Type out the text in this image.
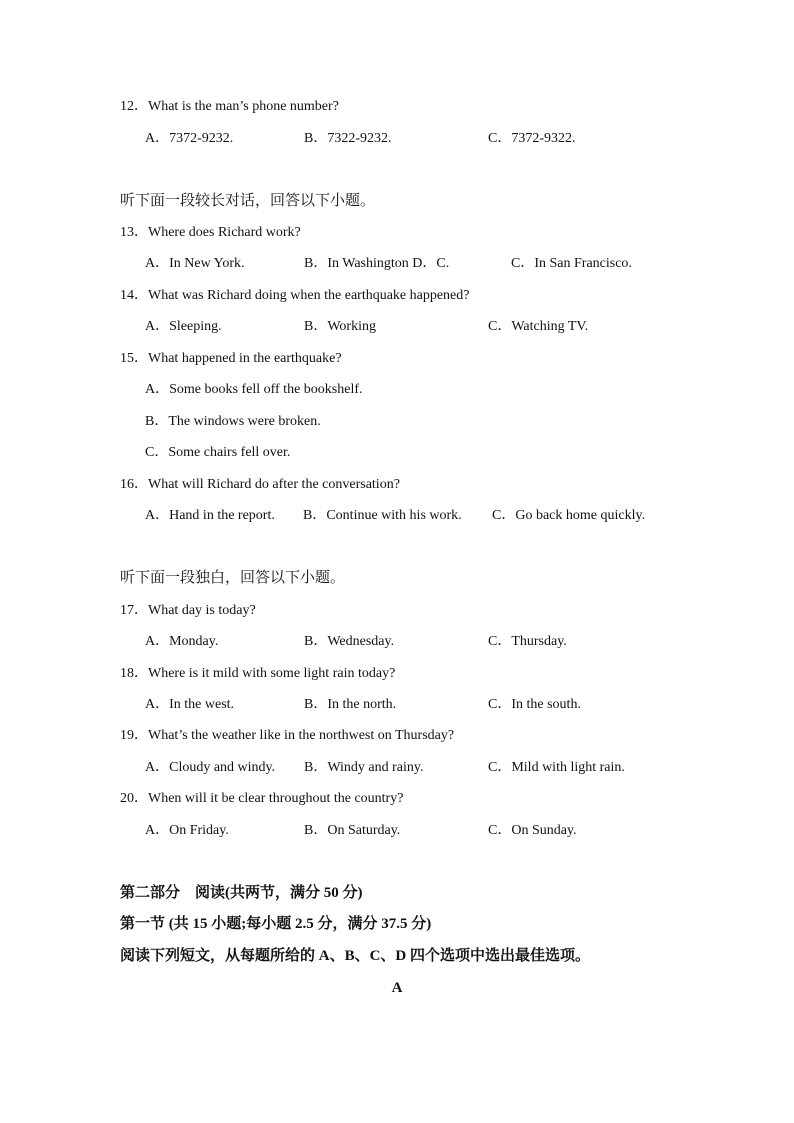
12．What is the man’s phone number?
A．7372-9232.	B．7322-9232.	C．7372-9322.
听下面一段较长对话，回答以下小题。
13．Where does Richard work?
A．In New York.	B．In Washington D．C.	C．In San Francisco.
14．What was Richard doing when the earthquake happened?
A．Sleeping.	B．Working	C．Watching TV.
15．What happened in the earthquake?
A．Some books fell off the bookshelf.
B．The windows were broken.
C．Some chairs fell over.
16．What will Richard do after the conversation?
A．Hand in the report. B．Continue with his work. C．Go back home quickly.
听下面一段独白，回答以下小题。
17．What day is today?
A．Monday.	B．Wednesday.	C．Thursday.
18．Where is it mild with some light rain today?
A．In the west.	B．In the north.	C．In the south.
19．What’s the weather like in the northwest on Thursday?
A．Cloudy and windy. B．Windy and rainy.	C．Mild with light rain.
20．When will it be clear throughout the country?
A．On Friday.	B．On Saturday.	C．On Sunday.
第二部分　阅读(共两节，满分 50 分)
第一节 (共 15 小题;每小题 2.5 分，满分 37.5 分)
阅读下列短文，从每题所给的 A、B、C、D 四个选项中选出最佳选项。
A
